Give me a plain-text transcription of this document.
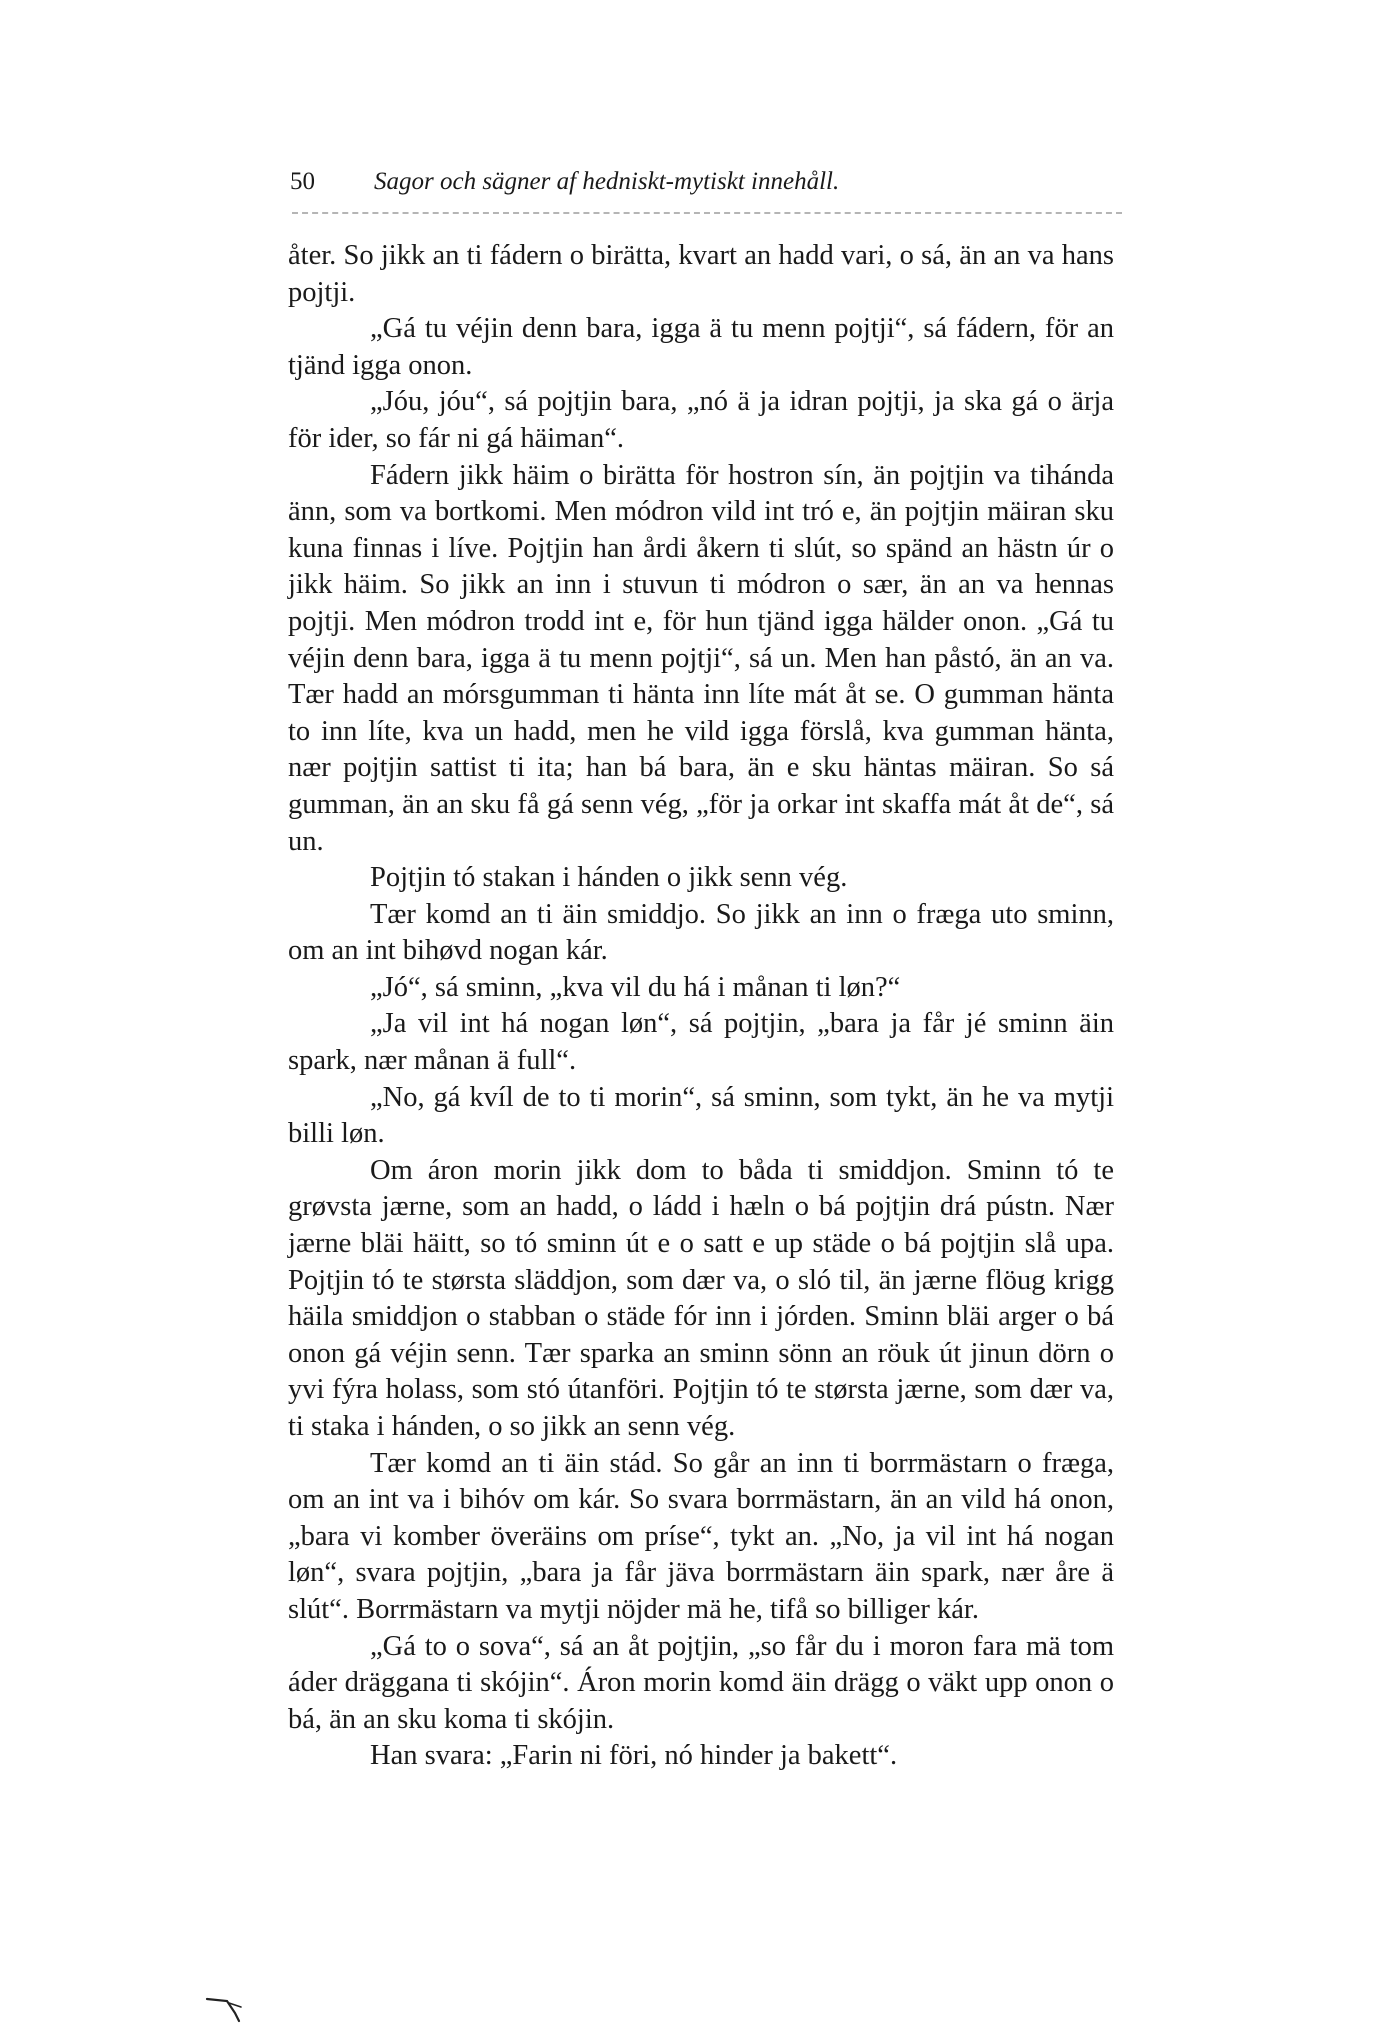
50 Sagor och sägner af hedniskt-mytiskt innehåll.

åter. So jikk an ti fádern o birätta, kvart an hadd vari, o sá, än an va hans pojtji.

„Gá tu véjin denn bara, igga ä tu menn pojtji“, sá fádern, för an tjänd igga onon.

„Jóu, jóu“, sá pojtjin bara, „nó ä ja idran pojtji, ja ska gá o ärja för ider, so fár ni gá häiman“.

Fádern jikk häim o birätta för hostron sín, än pojtjin va tihánda änn, som va bortkomi. Men módron vild int tró e, än pojtjin mäiran sku kuna finnas i líve. Pojtjin han årdi åkern ti slút, so spänd an hästn úr o jikk häim. So jikk an inn i stuvun ti módron o sær, än an va hennas pojtji. Men módron trodd int e, för hun tjänd igga hälder onon. „Gá tu véjin denn bara, igga ä tu menn pojtji“, sá un. Men han påstó, än an va. Tær hadd an mórsgumman ti hänta inn líte mát åt se. O gumman hänta to inn líte, kva un hadd, men he vild igga förslå, kva gumman hänta, nær pojtjin sattist ti ita; han bá bara, än e sku häntas mäiran. So sá gumman, än an sku få gá senn vég, „för ja orkar int skaffa mát åt de“, sá un.

Pojtjin tó stakan i hánden o jikk senn vég.

Tær komd an ti äin smiddjo. So jikk an inn o fræga uto sminn, om an int bihøvd nogan kár.

„Jó“, sá sminn, „kva vil du há i månan ti løn?“

„Ja vil int há nogan løn“, sá pojtjin, „bara ja får jé sminn äin spark, nær månan ä full“.

„No, gá kvíl de to ti morin“, sá sminn, som tykt, än he va mytji billi løn.

Om áron morin jikk dom to båda ti smiddjon. Sminn tó te grøvsta jærne, som an hadd, o ládd i hæln o bá pojtjin drá pústn. Nær jærne bläi häitt, so tó sminn út e o satt e up städe o bá pojtjin slå upa. Pojtjin tó te størsta släddjon, som dær va, o sló til, än jærne flöug krigg häila smiddjon o stabban o städe fór inn i jórden. Sminn bläi arger o bá onon gá véjin senn. Tær sparka an sminn sönn an röuk út jinun dörn o yvi fýra holass, som stó útanföri. Pojtjin tó te størsta jærne, som dær va, ti staka i hánden, o so jikk an senn vég.

Tær komd an ti äin stád. So går an inn ti borrmästarn o fræga, om an int va i bihóv om kár. So svara borrmästarn, än an vild há onon, „bara vi komber överäins om príse“, tykt an. „No, ja vil int há nogan løn“, svara pojtjin, „bara ja får jäva borrmästarn äin spark, nær åre ä slút“. Borrmästarn va mytji nöjder mä he, tifå so billiger kár.

„Gá to o sova“, sá an åt pojtjin, „so får du i moron fara mä tom áder dräggana ti skójin“. Áron morin komd äin drägg o väkt upp onon o bá, än an sku koma ti skójin.

Han svara: „Farin ni föri, nó hinder ja bakett“.
